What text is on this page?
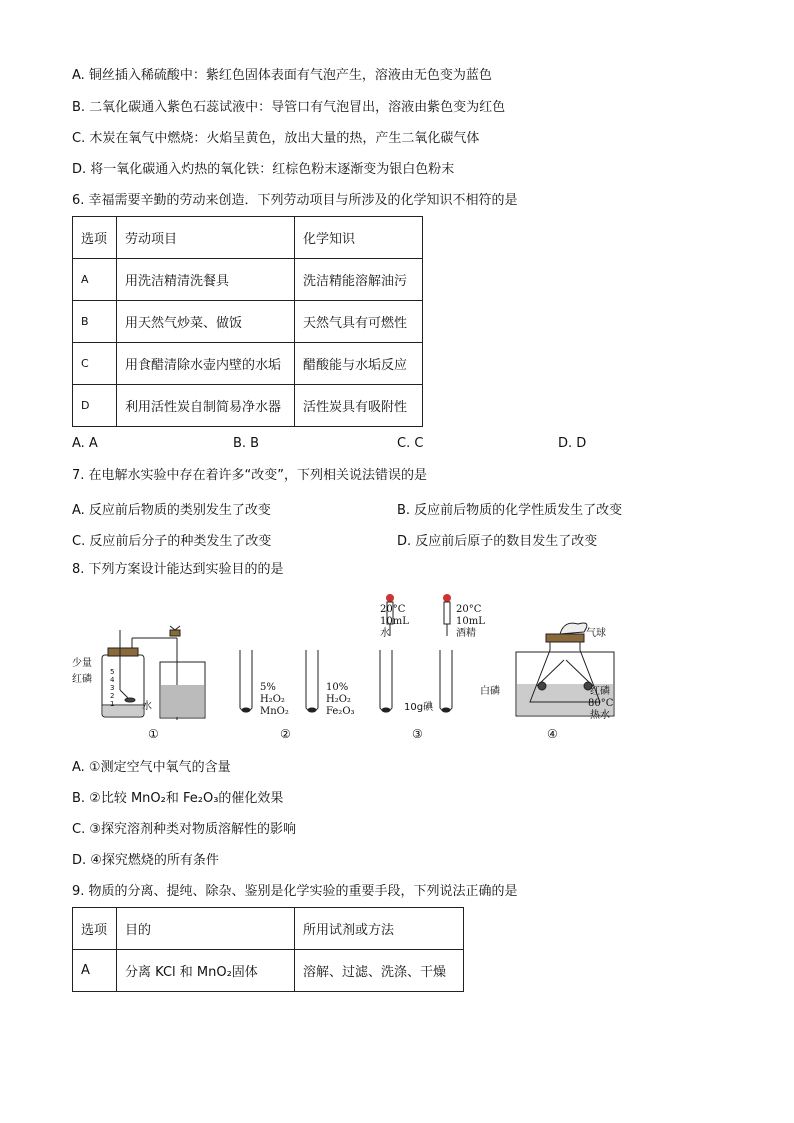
A. 铜丝插入稀硫酸中：紫红色固体表面有气泡产生，溶液由无色变为蓝色
B. 二氧化碳通入紫色石蕊试液中：导管口有气泡冒出，溶液由紫色变为红色
C. 木炭在氧气中燃烧：火焰呈黄色，放出大量的热，产生二氧化碳气体
D. 将一氧化碳通入灼热的氧化铁：红棕色粉末逐渐变为银白色粉末
6. 幸福需要辛勤的劳动来创造．下列劳动项目与所涉及的化学知识不相符的是
选项	劳动项目	化学知识
A	用洗洁精清洗餐具	洗洁精能溶解油污
B	用天然气炒菜、做饭	天然气具有可燃性
C	用食醋清除水壶内壁的水垢	醋酸能与水垢反应
D	利用活性炭自制简易净水器	活性炭具有吸附性
A. A	B. B	C. C	D. D
7. 在电解水实验中存在着许多“改变”，下列相关说法错误的是
A. 反应前后物质的类别发生了改变	B. 反应前后物质的化学性质发生了改变
C. 反应前后分子的种类发生了改变	D. 反应前后原子的数目发生了改变
8. 下列方案设计能达到实验目的的是
少量
红磷
5
4
3
2
1	水
①
5%
H₂O₂
MnO₂
10%
H₂O₂
Fe₂O₃
②
20°C
10mL
水
20°C
10mL
酒精
10g碘
③
气球
白磷	红磷
80°C
热水
④
A. ①测定空气中氧气的含量
B. ②比较 MnO₂和 Fe₂O₃的催化效果
C. ③探究溶剂种类对物质溶解性的影响
D. ④探究燃烧的所有条件
9. 物质的分离、提纯、除杂、鉴别是化学实验的重要手段，下列说法正确的是
选项	目的	所用试剂或方法
A	分离 KCl 和 MnO₂固体	溶解、过滤、洗涤、干燥
